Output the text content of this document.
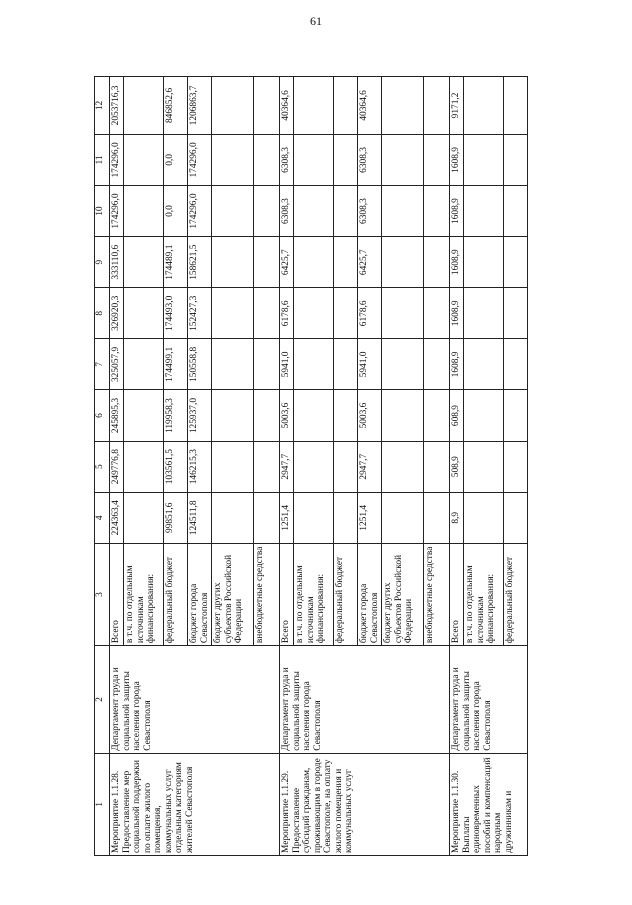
61
1	2	3	4	5	6	7	8	9	10	11	12
Мероприятие 1.1.28. Предоставление мер социальной поддержки по оплате жилого помещения, коммунальных услуг отдельным категориям жителей Севастополя	Департамент труда и социальной защиты населения города Севастополя	Всего	224363,4	249776,8	245895,3	325057,9	326920,3	333110,6	174296,0	174296,0	2053716,3
		в т.ч. по отдельным источникам финансирования:									
		федеральный бюджет	99851,6	103561,5	119958,3	174499,1	174493,0	174489,1	0,0	0,0	846852,6
		бюджет города Севастополя	124511,8	146215,3	125937,0	150558,8	152427,3	158621,5	174296,0	174296,0	1206863,7
		бюджет других субъектов Российской Федерации									
		внебюджетные средства									
Мероприятие 1.1.29. Предоставление субсидий гражданам, проживающим в городе Севастополе, на оплату жилого помещения и коммунальных услуг	Департамент труда и социальной защиты населения города Севастополя	Всего	1251,4	2947,7	5003,6	5941,0	6178,6	6425,7	6308,3	6308,3	40364,6
		в т.ч. по отдельным источникам финансирования:									
		федеральный бюджет									
		бюджет города Севастополя	1251,4	2947,7	5003,6	5941,0	6178,6	6425,7	6308,3	6308,3	40364,6
		бюджет других субъектов Российской Федерации									
		внебюджетные средства									
Мероприятие 1.1.30. Выплаты единовременных пособий и компенсаций народным дружинникам и	Департамент труда и социальной защиты населения города Севастополя	Всего	8,9	508,9	608,9	1608,9	1608,9	1608,9	1608,9	1608,9	9171,2
		в т.ч. по отдельным источникам финансирования:									
		федеральный бюджет									
